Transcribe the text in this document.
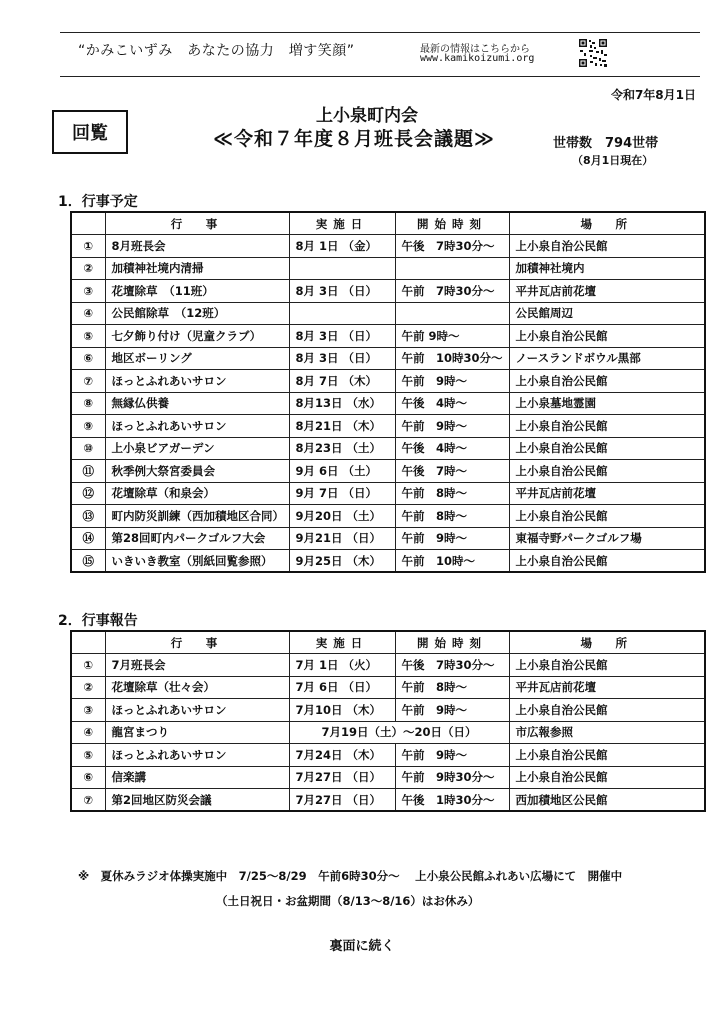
“かみこいずみ　あなたの協力　増す笑顔”	最新の情報はこちらから
www.kamikoizumi.org
令和7年8月1日
回覧
上小泉町内会
≪令和７年度８月班長会議題≫	世帯数　794世帯
（8月1日現在）
1．行事予定
	行　事	実施日	開始時刻	場　所
①	8月班長会	8月 1日 （金）	午後　7時30分～	上小泉自治公民館
②	加積神社境内清掃			加積神社境内
③	花壇除草　（11班）	8月 3日 （日）	午前　7時30分～	平井瓦店前花壇
④	公民館除草　（12班）			公民館周辺
⑤	七夕飾り付け（児童クラブ）	8月 3日 （日）	午前 9時～	上小泉自治公民館
⑥	地区ボーリング	8月 3日 （日）	午前　10時30分～	ノースランドボウル黒部
⑦	ほっとふれあいサロン	8月 7日 （木）	午前　9時～	上小泉自治公民館
⑧	無縁仏供養	8月13日 （水）	午後　4時～	上小泉墓地霊園
⑨	ほっとふれあいサロン	8月21日 （木）	午前　9時～	上小泉自治公民館
⑩	上小泉ビアガーデン	8月23日 （土）	午後　4時～	上小泉自治公民館
⑪	秋季例大祭宮委員会	9月 6日 （土）	午後　7時～	上小泉自治公民館
⑫	花壇除草（和泉会）	9月 7日 （日）	午前　8時～	平井瓦店前花壇
⑬	町内防災訓練（西加積地区合同）	9月20日 （土）	午前　8時～	上小泉自治公民館
⑭	第28回町内パークゴルフ大会	9月21日 （日）	午前　9時～	東福寺野パークゴルフ場
⑮	いきいき教室（別紙回覧参照）	9月25日 （木）	午前　10時～	上小泉自治公民館
2．行事報告
	行　事	実施日	開始時刻	場　所
①	7月班長会	7月 1日 （火）	午後　7時30分～	上小泉自治公民館
②	花壇除草（壮々会）	7月 6日 （日）	午前　8時～	平井瓦店前花壇
③	ほっとふれあいサロン	7月10日 （木）	午前　9時～	上小泉自治公民館
④	龍宮まつり	7月19日（土）～20日（日）		市広報参照
⑤	ほっとふれあいサロン	7月24日 （木）	午前　9時～	上小泉自治公民館
⑥	信楽講	7月27日 （日）	午前　9時30分～	上小泉自治公民館
⑦	第2回地区防災会議	7月27日 （日）	午後　1時30分～	西加積地区公民館
※　夏休みラジオ体操実施中　7/25～8/29　午前6時30分～　 上小泉公民館ふれあい広場にて　開催中
（土日祝日・お盆期間（8/13～8/16）はお休み）
裏面に続く
